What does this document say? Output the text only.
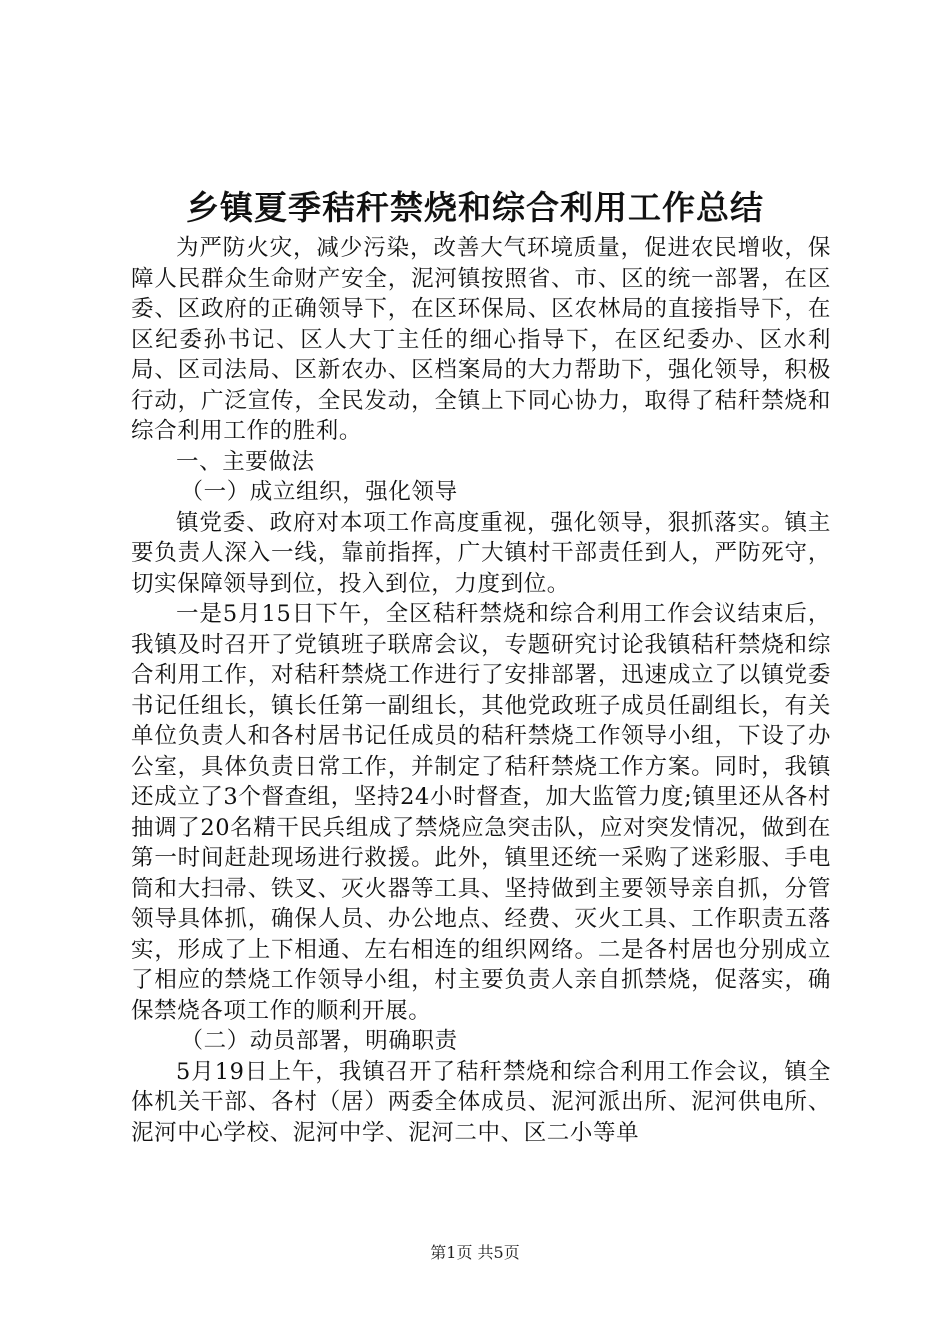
乡镇夏季秸秆禁烧和综合利用工作总结

为严防火灾，减少污染，改善大气环境质量，促进农民增收，保障人民群众生命财产安全，泥河镇按照省、市、区的统一部署，在区委、区政府的正确领导下，在区环保局、区农林局的直接指导下，在区纪委孙书记、区人大丁主任的细心指导下，在区纪委办、区水利局、区司法局、区新农办、区档案局的大力帮助下，强化领导，积极行动，广泛宣传，全民发动，全镇上下同心协力，取得了秸秆禁烧和综合利用工作的胜利。

一、主要做法

（一）成立组织，强化领导

镇党委、政府对本项工作高度重视，强化领导，狠抓落实。镇主要负责人深入一线，靠前指挥，广大镇村干部责任到人，严防死守，切实保障领导到位，投入到位，力度到位。

一是5月15日下午，全区秸秆禁烧和综合利用工作会议结束后，我镇及时召开了党镇班子联席会议，专题研究讨论我镇秸秆禁烧和综合利用工作，对秸秆禁烧工作进行了安排部署，迅速成立了以镇党委书记任组长，镇长任第一副组长，其他党政班子成员任副组长，有关单位负责人和各村居书记任成员的秸秆禁烧工作领导小组，下设了办公室，具体负责日常工作，并制定了秸秆禁烧工作方案。同时，我镇还成立了3个督查组，坚持24小时督查，加大监管力度;镇里还从各村抽调了20名精干民兵组成了禁烧应急突击队，应对突发情况，做到在第一时间赶赴现场进行救援。此外，镇里还统一采购了迷彩服、手电筒和大扫帚、铁叉、灭火器等工具、坚持做到主要领导亲自抓，分管领导具体抓，确保人员、办公地点、经费、灭火工具、工作职责五落实，形成了上下相通、左右相连的组织网络。二是各村居也分别成立了相应的禁烧工作领导小组，村主要负责人亲自抓禁烧，促落实，确保禁烧各项工作的顺利开展。

（二）动员部署，明确职责

5月19日上午，我镇召开了秸秆禁烧和综合利用工作会议，镇全体机关干部、各村（居）两委全体成员、泥河派出所、泥河供电所、泥河中心学校、泥河中学、泥河二中、区二小等单

第1页 共5页
